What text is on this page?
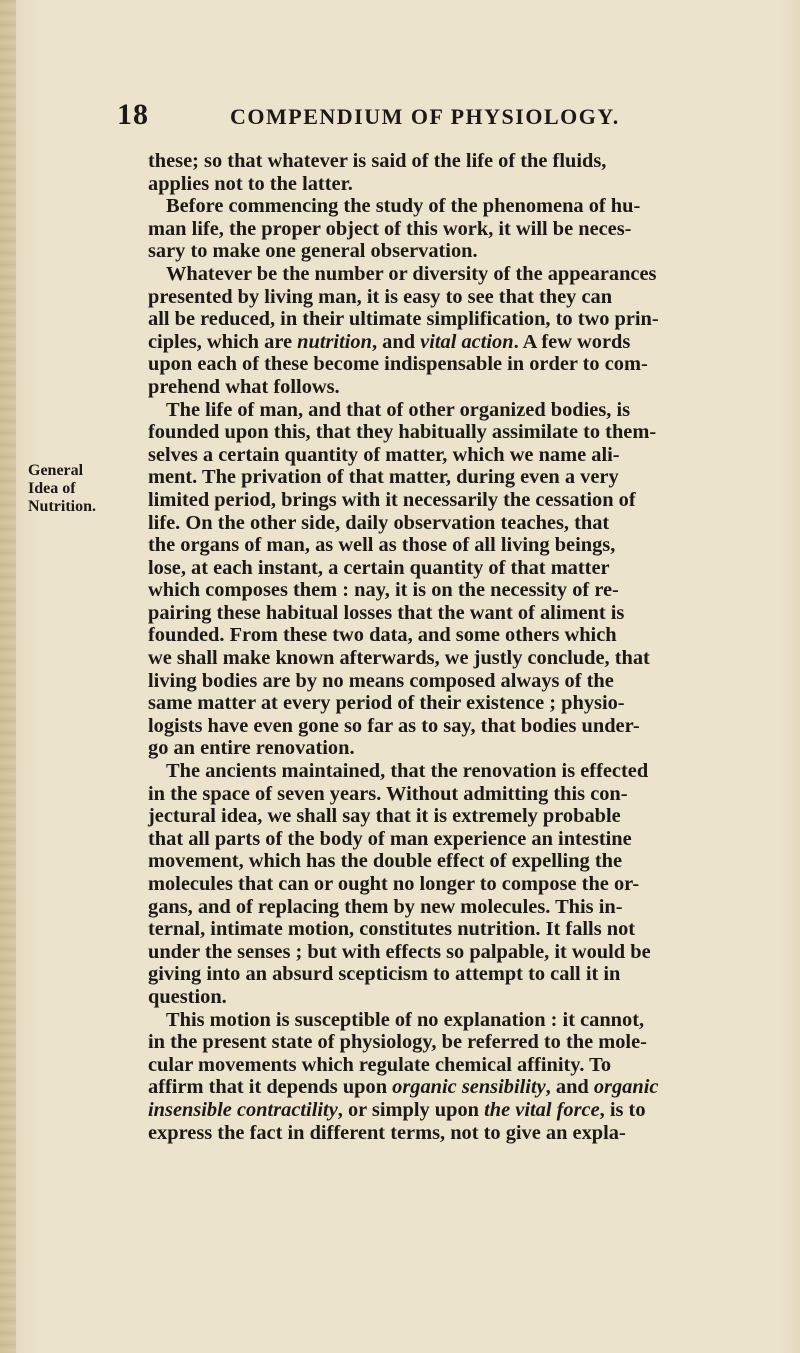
18	COMPENDIUM OF PHYSIOLOGY.
General
Idea of
Nutrition.
these; so that whatever is said of the life of the fluids,
applies not to the latter.
Before commencing the study of the phenomena of hu-
man life, the proper object of this work, it will be neces-
sary to make one general observation.
Whatever be the number or diversity of the appearances
presented by living man, it is easy to see that they can
all be reduced, in their ultimate simplification, to two prin-
ciples, which are nutrition, and vital action. A few words
upon each of these become indispensable in order to com-
prehend what follows.
The life of man, and that of other organized bodies, is
founded upon this, that they habitually assimilate to them-
selves a certain quantity of matter, which we name ali-
ment. The privation of that matter, during even a very
limited period, brings with it necessarily the cessation of
life. On the other side, daily observation teaches, that
the organs of man, as well as those of all living beings,
lose, at each instant, a certain quantity of that matter
which composes them : nay, it is on the necessity of re-
pairing these habitual losses that the want of aliment is
founded. From these two data, and some others which
we shall make known afterwards, we justly conclude, that
living bodies are by no means composed always of the
same matter at every period of their existence ; physio-
logists have even gone so far as to say, that bodies under-
go an entire renovation.
The ancients maintained, that the renovation is effected
in the space of seven years. Without admitting this con-
jectural idea, we shall say that it is extremely probable
that all parts of the body of man experience an intestine
movement, which has the double effect of expelling the
molecules that can or ought no longer to compose the or-
gans, and of replacing them by new molecules. This in-
ternal, intimate motion, constitutes nutrition. It falls not
under the senses ; but with effects so palpable, it would be
giving into an absurd scepticism to attempt to call it in
question.
This motion is susceptible of no explanation : it cannot,
in the present state of physiology, be referred to the mole-
cular movements which regulate chemical affinity. To
affirm that it depends upon organic sensibility, and organic
insensible contractility, or simply upon the vital force, is to
express the fact in different terms, not to give an expla-
